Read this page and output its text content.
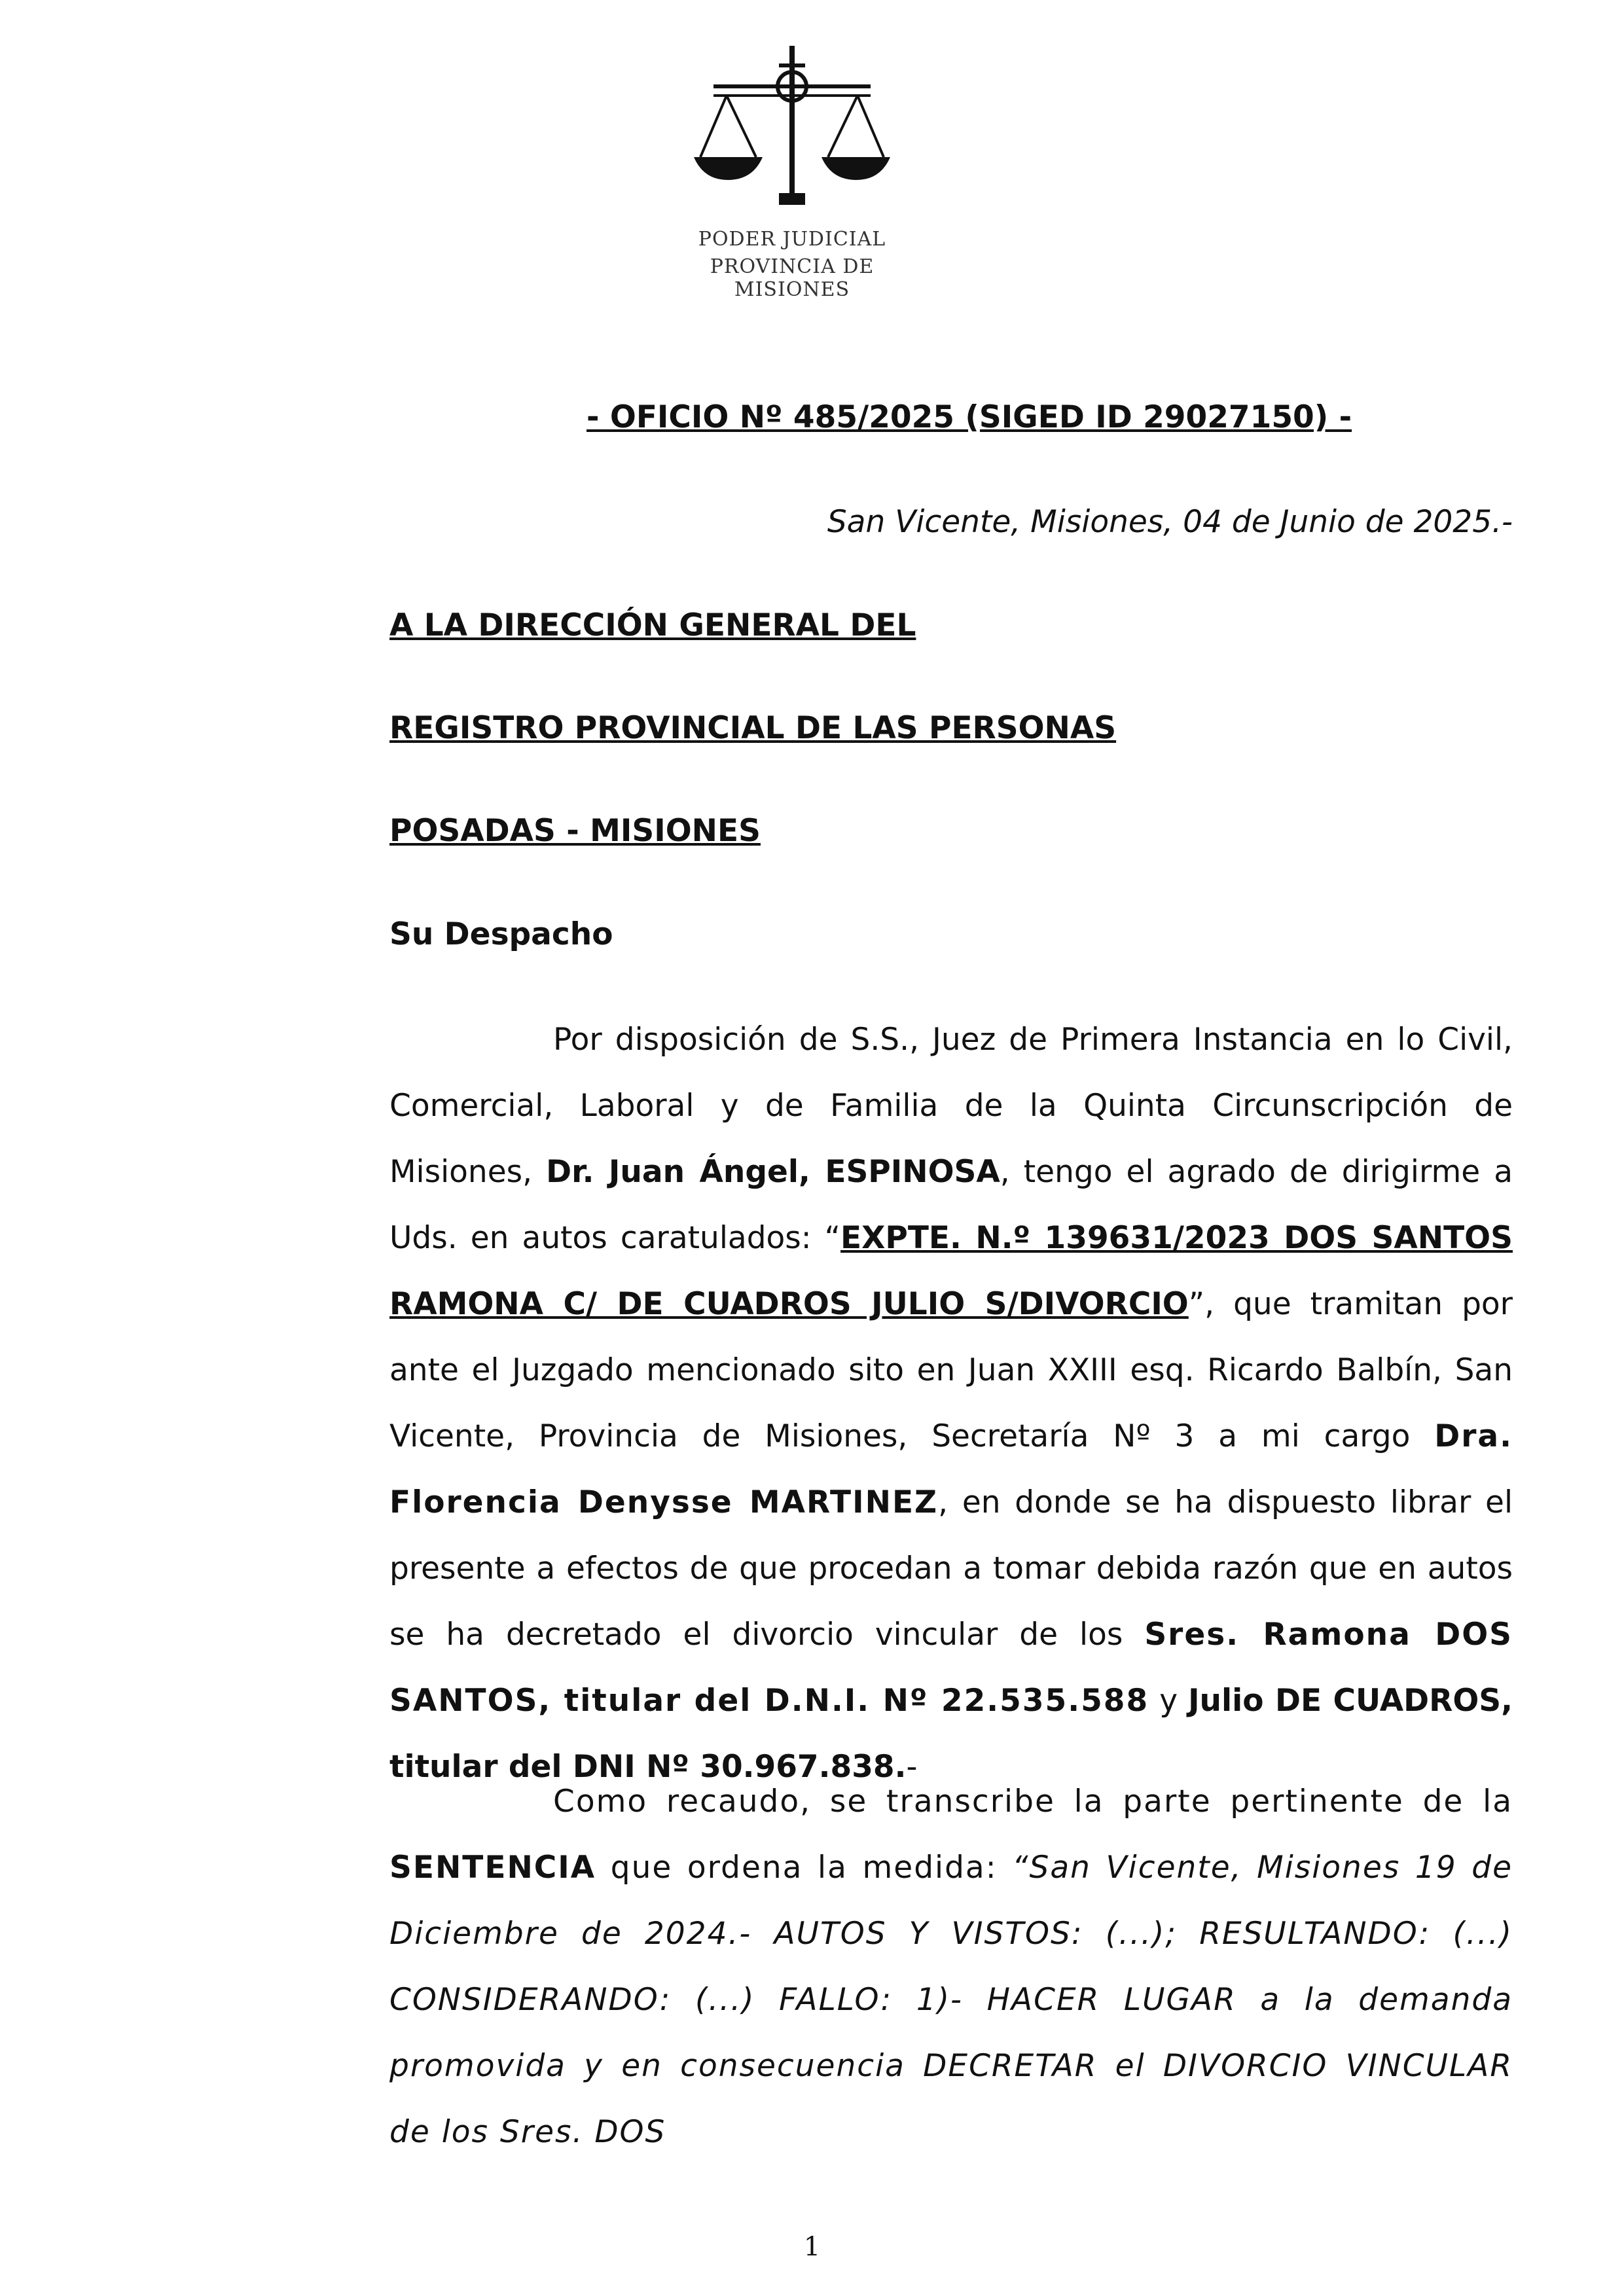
PODER JUDICIAL
PROVINCIA DE MISIONES
- OFICIO Nº 485/2025 (SIGED ID 29027150) -
San Vicente, Misiones, 04 de Junio de 2025.-
A LA DIRECCIÓN GENERAL DEL
REGISTRO PROVINCIAL DE LAS PERSONAS
POSADAS - MISIONES
Su Despacho

Por disposición de S.S., Juez de Primera Instancia en lo Civil, Comercial, Laboral y de Familia de la Quinta Circunscripción de Misiones, Dr. Juan Ángel, ESPINOSA, tengo el agrado de dirigirme a Uds. en autos caratulados: “EXPTE. N.º 139631/2023 DOS SANTOS RAMONA C/ DE CUADROS JULIO S/DIVORCIO”, que tramitan por ante el Juzgado mencionado sito en Juan XXIII esq. Ricardo Balbín, San Vicente, Provincia de Misiones, Secretaría Nº 3 a mi cargo Dra. Florencia Denysse MARTINEZ, en donde se ha dispuesto librar el presente a efectos de que procedan a tomar debida razón que en autos se ha decretado el divorcio vincular de los Sres. Ramona DOS SANTOS, titular del D.N.I. Nº 22.535.588 y Julio DE CUADROS, titular del DNI Nº 30.967.838.-

Como recaudo, se transcribe la parte pertinente de la SENTENCIA que ordena la medida: “San Vicente, Misiones 19 de Diciembre de 2024.- AUTOS Y VISTOS: (...); RESULTANDO: (...) CONSIDERANDO: (...) FALLO: 1)- HACER LUGAR a la demanda promovida y en consecuencia DECRETAR el DIVORCIO VINCULAR de los Sres. DOS

1
